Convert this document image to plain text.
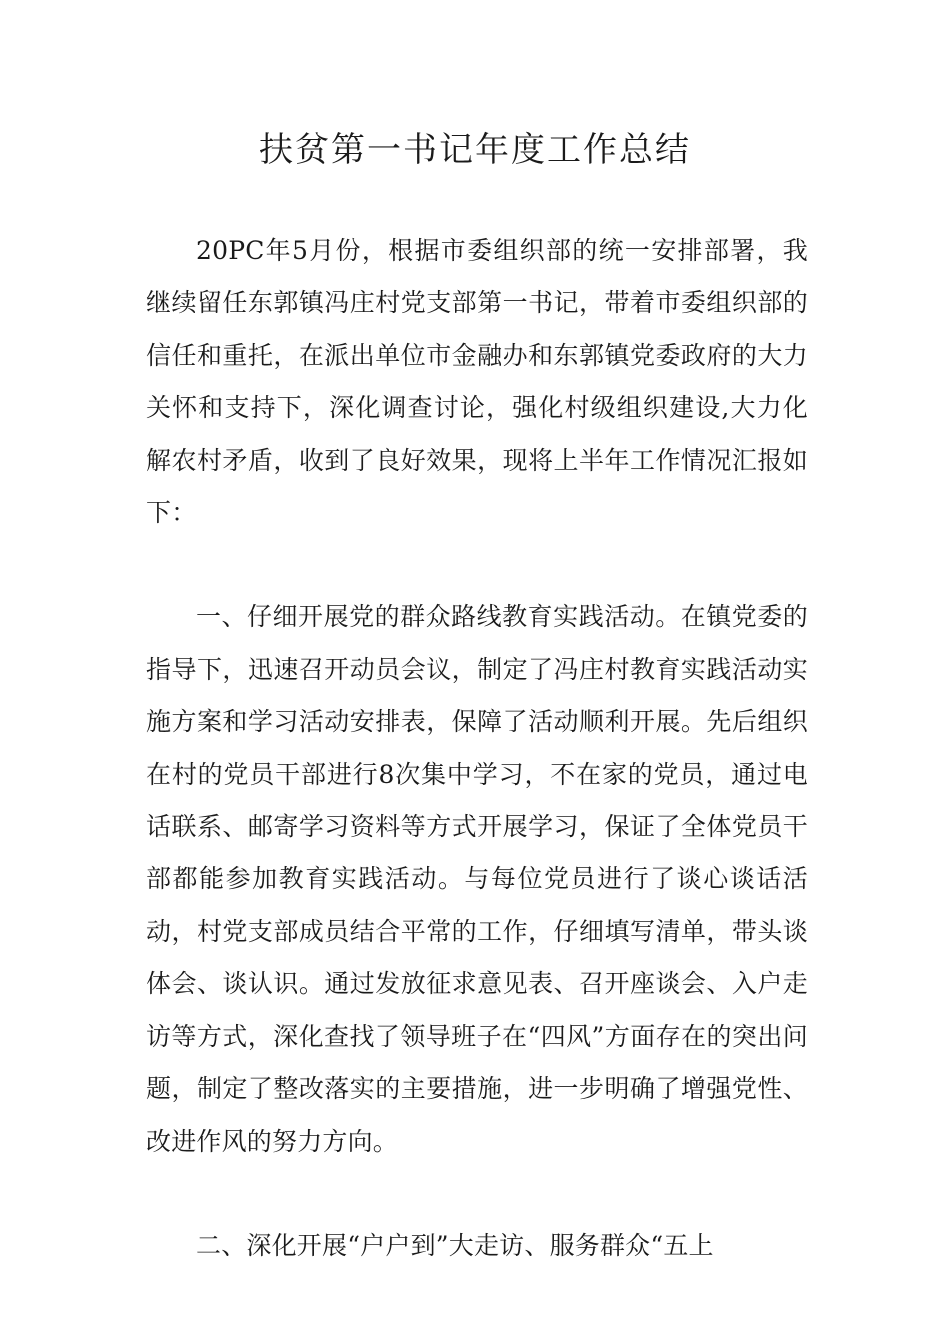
扶贫第一书记年度工作总结

20PC年5月份，根据市委组织部的统一安排部署，我继续留任东郭镇冯庄村党支部第一书记，带着市委组织部的信任和重托，在派出单位市金融办和东郭镇党委政府的大力关怀和支持下，深化调查讨论，强化村级组织建设,大力化解农村矛盾，收到了良好效果，现将上半年工作情况汇报如下：

一、仔细开展党的群众路线教育实践活动。在镇党委的指导下，迅速召开动员会议，制定了冯庄村教育实践活动实施方案和学习活动安排表，保障了活动顺利开展。先后组织在村的党员干部进行8次集中学习，不在家的党员，通过电话联系、邮寄学习资料等方式开展学习，保证了全体党员干部都能参加教育实践活动。与每位党员进行了谈心谈话活动，村党支部成员结合平常的工作，仔细填写清单，带头谈体会、谈认识。通过发放征求意见表、召开座谈会、入户走访等方式，深化查找了领导班子在“四风”方面存在的突出问题，制定了整改落实的主要措施，进一步明确了增强党性、改进作风的努力方向。

二、深化开展“户户到”大走访、服务群众“五上
